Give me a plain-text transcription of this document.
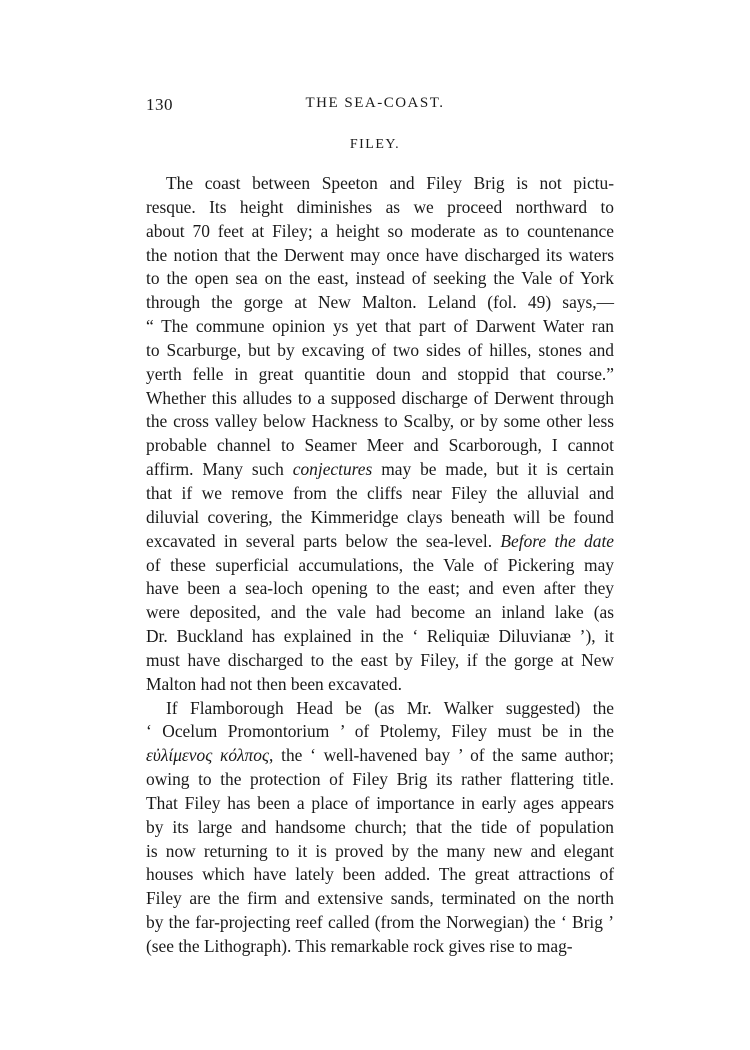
130	THE SEA-COAST.
FILEY.
The coast between Speeton and Filey Brig is not pictu-
resque. Its height diminishes as we proceed northward to
about 70 feet at Filey; a height so moderate as to countenance
the notion that the Derwent may once have discharged its waters
to the open sea on the east, instead of seeking the Vale of York
through the gorge at New Malton. Leland (fol. 49) says,—
“ The commune opinion ys yet that part of Darwent Water ran
to Scarburge, but by excaving of two sides of hilles, stones and
yerth felle in great quantitie doun and stoppid that course.”
Whether this alludes to a supposed discharge of Derwent through
the cross valley below Hackness to Scalby, or by some other less
probable channel to Seamer Meer and Scarborough, I cannot
affirm. Many such conjectures may be made, but it is certain
that if we remove from the cliffs near Filey the alluvial and
diluvial covering, the Kimmeridge clays beneath will be found
excavated in several parts below the sea-level. Before the date
of these superficial accumulations, the Vale of Pickering may
have been a sea-loch opening to the east; and even after they
were deposited, and the vale had become an inland lake (as
Dr. Buckland has explained in the ‘ Reliquiæ Diluvianæ ’), it
must have discharged to the east by Filey, if the gorge at New
Malton had not then been excavated.
If Flamborough Head be (as Mr. Walker suggested) the
‘ Ocelum Promontorium ’ of Ptolemy, Filey must be in the
εὐλίμενος κόλπος, the ‘ well-havened bay ’ of the same author;
owing to the protection of Filey Brig its rather flattering title.
That Filey has been a place of importance in early ages appears
by its large and handsome church; that the tide of population
is now returning to it is proved by the many new and elegant
houses which have lately been added. The great attractions of
Filey are the firm and extensive sands, terminated on the north
by the far-projecting reef called (from the Norwegian) the ‘ Brig ’
(see the Lithograph). This remarkable rock gives rise to mag-
